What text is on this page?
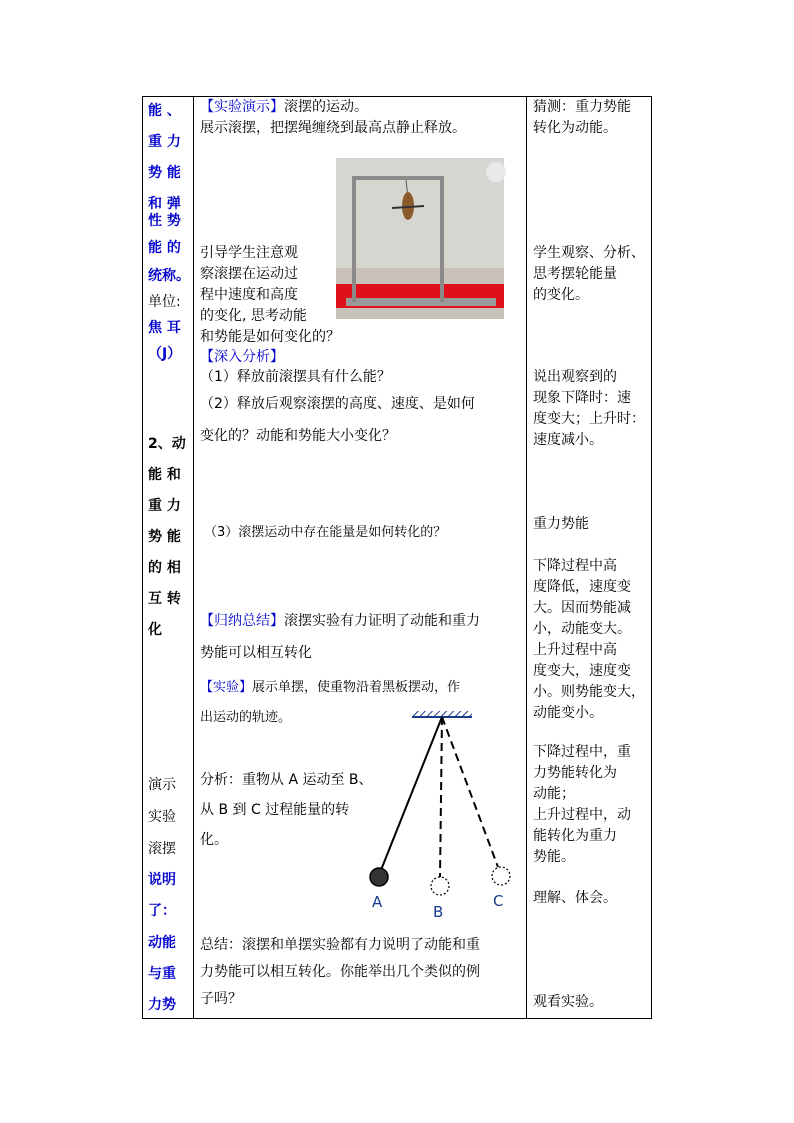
能 、
重 力
势 能
和 弹
性 势
能 的
统称。
单位:
焦 耳
（J）
2、动
能 和
重 力
势 能
的 相
互 转
化
演示
实验
滚摆
说明
了：
动能
与重
力势
【实验演示】滚摆的运动。
展示滚摆，把摆绳缠绕到最高点静止释放。
引导学生注意观
察滚摆在运动过
程中速度和高度
的变化, 思考动能
和势能是如何变化的？
【深入分析】
（1）释放前滚摆具有什么能？
（2）释放后观察滚摆的高度、速度、是如何
变化的？动能和势能大小变化？
（3）滚摆运动中存在能量是如何转化的？
【归纳总结】滚摆实验有力证明了动能和重力
势能可以相互转化
【实验】展示单摆，使重物沿着黑板摆动，作
出运动的轨迹。
分析：重物从 A 运动至 B、
从 B 到 C 过程能量的转
化。
A
B
C
总结：滚摆和单摆实验都有力说明了动能和重
力势能可以相互转化。你能举出几个类似的例
子吗？
猜测：重力势能
转化为动能。
学生观察、分析、
思考摆轮能量
的变化。
说出观察到的
现象下降时：速
度变大；上升时：
速度减小。
重力势能
下降过程中高
度降低，速度变
大。因而势能减
小，动能变大。
上升过程中高
度变大，速度变
小。则势能变大，
动能变小。
下降过程中，重
力势能转化为
动能；
上升过程中，动
能转化为重力
势能。
理解、体会。
观看实验。
